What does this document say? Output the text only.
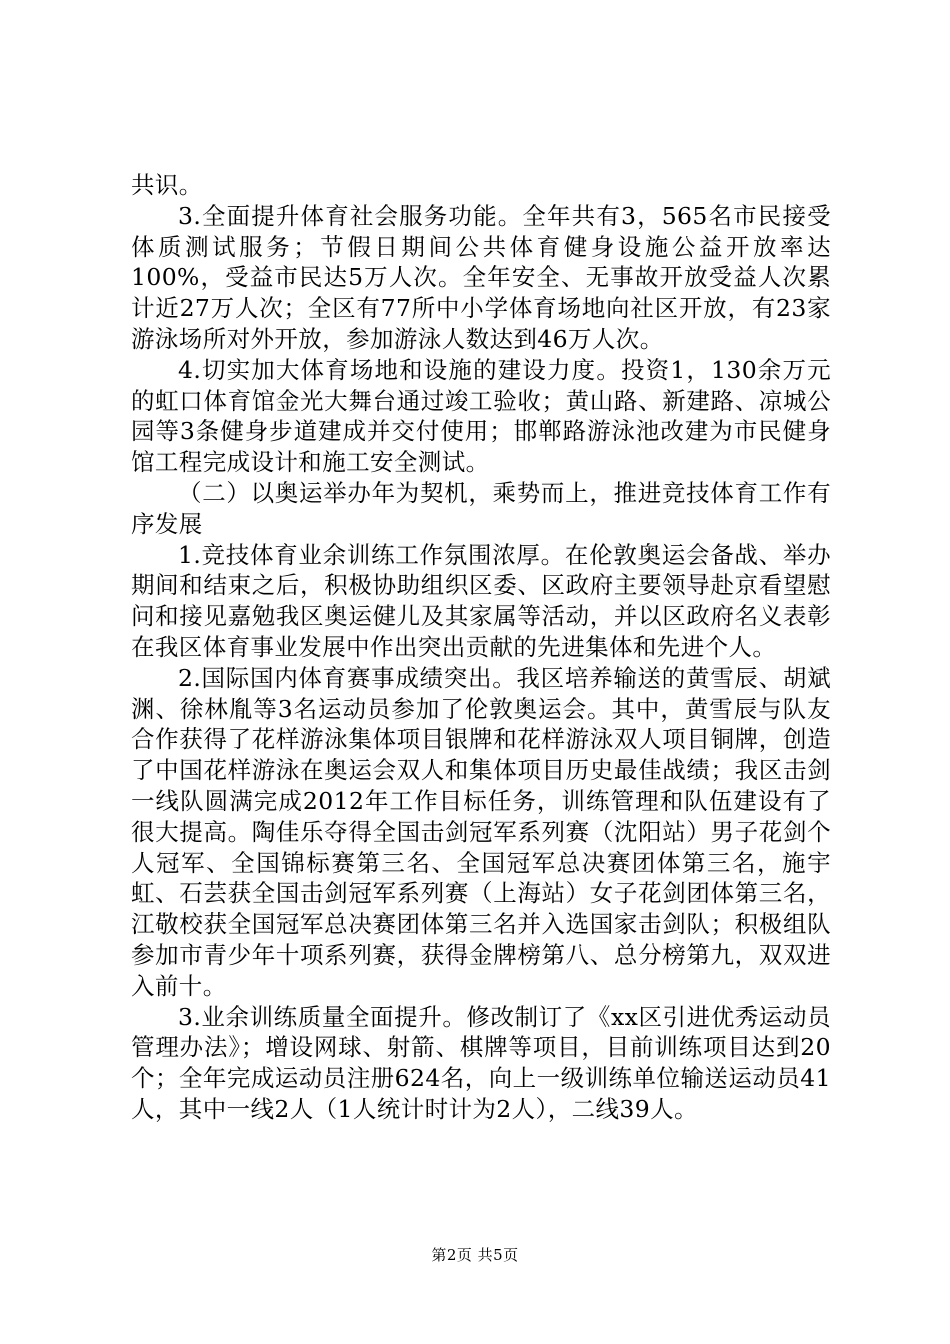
共识。

3.全面提升体育社会服务功能。全年共有3，565名市民接受体质测试服务；节假日期间公共体育健身设施公益开放率达100%，受益市民达5万人次。全年安全、无事故开放受益人次累计近27万人次；全区有77所中小学体育场地向社区开放，有23家游泳场所对外开放，参加游泳人数达到46万人次。

4.切实加大体育场地和设施的建设力度。投资1，130余万元的虹口体育馆金光大舞台通过竣工验收；黄山路、新建路、凉城公园等3条健身步道建成并交付使用；邯郸路游泳池改建为市民健身馆工程完成设计和施工安全测试。

（二）以奥运举办年为契机，乘势而上，推进竞技体育工作有序发展

1.竞技体育业余训练工作氛围浓厚。在伦敦奥运会备战、举办期间和结束之后，积极协助组织区委、区政府主要领导赴京看望慰问和接见嘉勉我区奥运健儿及其家属等活动，并以区政府名义表彰在我区体育事业发展中作出突出贡献的先进集体和先进个人。

2.国际国内体育赛事成绩突出。我区培养输送的黄雪辰、胡斌渊、徐林胤等3名运动员参加了伦敦奥运会。其中，黄雪辰与队友合作获得了花样游泳集体项目银牌和花样游泳双人项目铜牌，创造了中国花样游泳在奥运会双人和集体项目历史最佳战绩；我区击剑一线队圆满完成2012年工作目标任务，训练管理和队伍建设有了很大提高。陶佳乐夺得全国击剑冠军系列赛（沈阳站）男子花剑个人冠军、全国锦标赛第三名、全国冠军总决赛团体第三名，施宇虹、石芸获全国击剑冠军系列赛（上海站）女子花剑团体第三名，江敬校获全国冠军总决赛团体第三名并入选国家击剑队；积极组队参加市青少年十项系列赛，获得金牌榜第八、总分榜第九，双双进入前十。

3.业余训练质量全面提升。修改制订了《xx区引进优秀运动员管理办法》；增设网球、射箭、棋牌等项目，目前训练项目达到20个；全年完成运动员注册624名，向上一级训练单位输送运动员41人，其中一线2人（1人统计时计为2人），二线39人。

第2页 共5页
